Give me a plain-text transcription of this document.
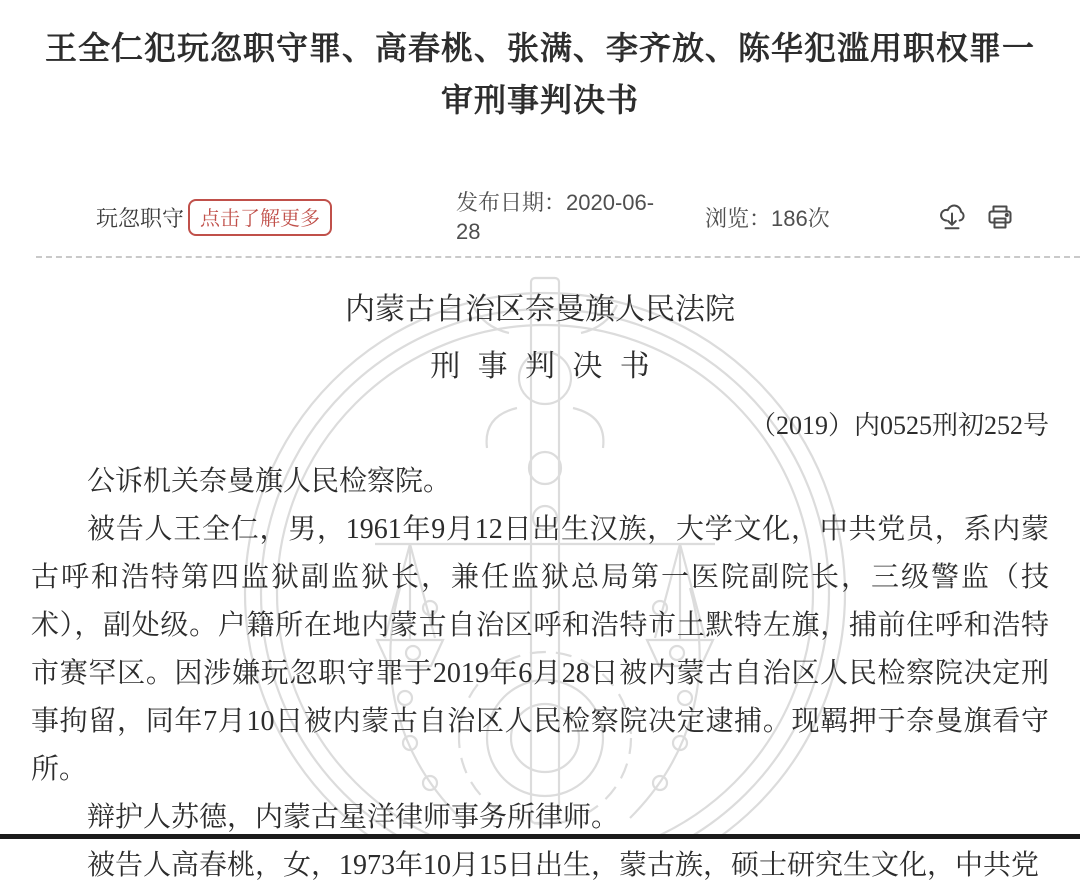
王全仁犯玩忽职守罪、高春桃、张满、李齐放、陈华犯滥用职权罪一审刑事判决书
玩忽职守 点击了解更多
发布日期：2020-06-28
浏览：186次
内蒙古自治区奈曼旗人民法院
刑事判决书
（2019）内0525刑初252号

公诉机关奈曼旗人民检察院。

被告人王全仁，男，1961年9月12日出生汉族，大学文化，中共党员，系内蒙古呼和浩特第四监狱副监狱长，兼任监狱总局第一医院副院长，三级警监（技术），副处级。户籍所在地内蒙古自治区呼和浩特市土默特左旗，捕前住呼和浩特市赛罕区。因涉嫌玩忽职守罪于2019年6月28日被内蒙古自治区人民检察院决定刑事拘留，同年7月10日被内蒙古自治区人民检察院决定逮捕。现羁押于奈曼旗看守所。

辩护人苏德，内蒙古星洋律师事务所律师。

被告人高春桃，女，1973年10月15日出生，蒙古族，硕士研究生文化，中共党
